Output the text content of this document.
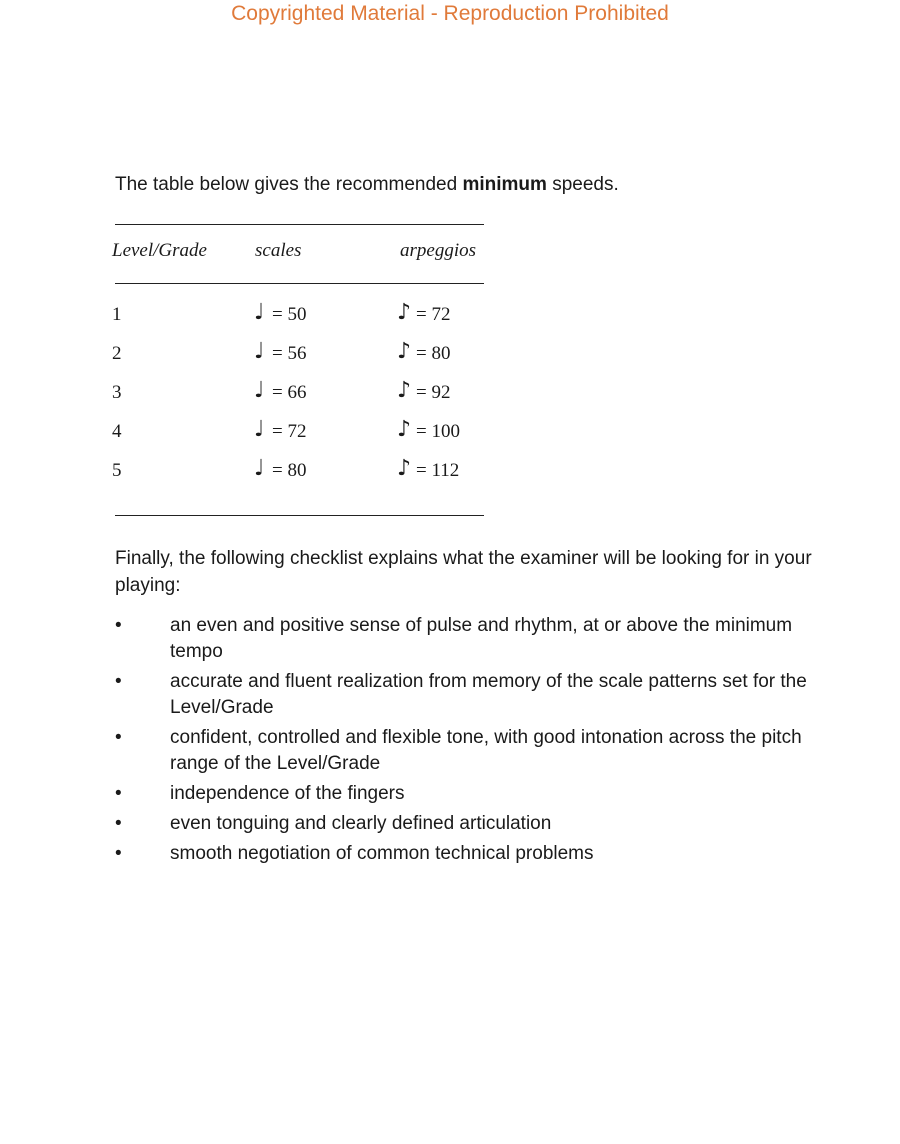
Copyrighted Material - Reproduction Prohibited
The table below gives the recommended minimum speeds.
Level/Grade	scales	arpeggios
1	♩ = 50	♪ = 72
2	♩ = 56	♪ = 80
3	♩ = 66	♪ = 92
4	♩ = 72	♪ = 100
5	♩ = 80	♪ = 112
Finally, the following checklist explains what the examiner will be looking for in your playing:
•	an even and positive sense of pulse and rhythm, at or above the minimum tempo
•	accurate and fluent realization from memory of the scale patterns set for the Level/Grade
•	confident, controlled and flexible tone, with good intonation across the pitch range of the Level/Grade
•	independence of the fingers
•	even tonguing and clearly defined articulation
•	smooth negotiation of common technical problems
